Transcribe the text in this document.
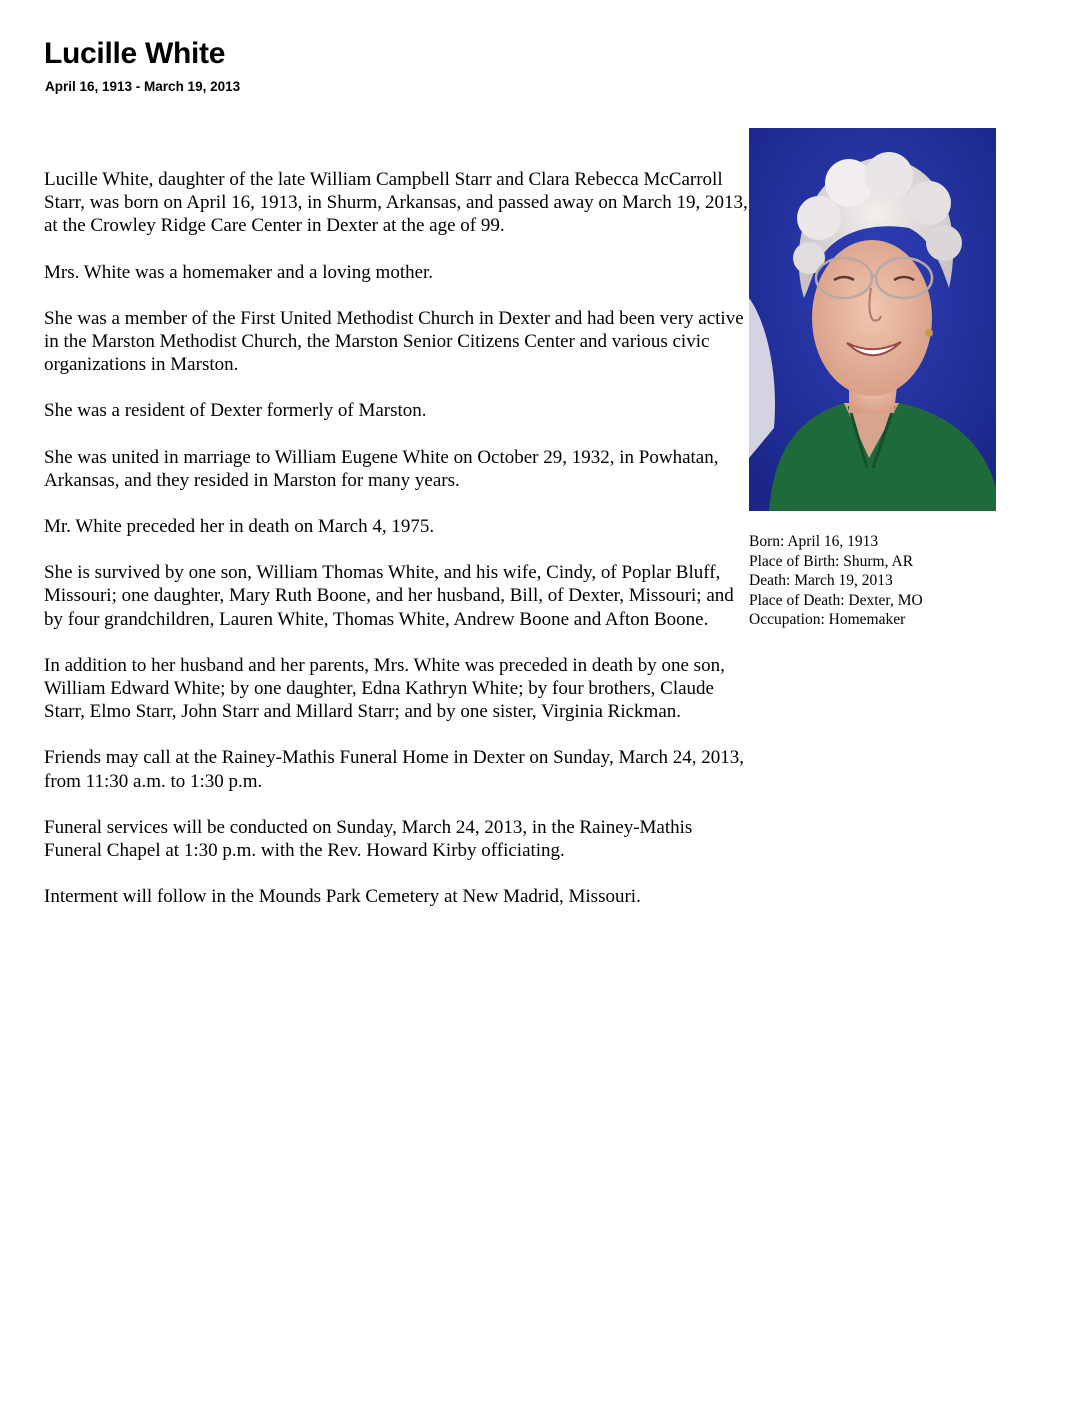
Lucille White
April 16, 1913 - March 19, 2013

Lucille White, daughter of the late William Campbell Starr and Clara Rebecca McCarroll Starr, was born on April 16, 1913, in Shurm, Arkansas, and passed away on March 19, 2013, at the Crowley Ridge Care Center in Dexter at the age of 99.

Mrs. White was a homemaker and a loving mother.

She was a member of the First United Methodist Church in Dexter and had been very active in the Marston Methodist Church, the Marston Senior Citizens Center and various civic organizations in Marston.

She was a resident of Dexter formerly of Marston.

She was united in marriage to William Eugene White on October 29, 1932, in Powhatan, Arkansas, and they resided in Marston for many years.

Mr. White preceded her in death on March 4, 1975.

She is survived by one son, William Thomas White, and his wife, Cindy, of Poplar Bluff, Missouri; one daughter, Mary Ruth Boone, and her husband, Bill, of Dexter, Missouri; and by four grandchildren, Lauren White, Thomas White, Andrew Boone and Afton Boone.

In addition to her husband and her parents, Mrs. White was preceded in death by one son, William Edward White; by one daughter, Edna Kathryn White; by four brothers, Claude Starr, Elmo Starr, John Starr and Millard Starr; and by one sister, Virginia Rickman.

Friends may call at the Rainey-Mathis Funeral Home in Dexter on Sunday, March 24, 2013, from 11:30 a.m. to 1:30 p.m.

Funeral services will be conducted on Sunday, March 24, 2013, in the Rainey-Mathis Funeral Chapel at 1:30 p.m. with the Rev. Howard Kirby officiating.

Interment will follow in the Mounds Park Cemetery at New Madrid, Missouri.

Born: April 16, 1913
Place of Birth: Shurm, AR
Death: March 19, 2013
Place of Death: Dexter, MO
Occupation: Homemaker
